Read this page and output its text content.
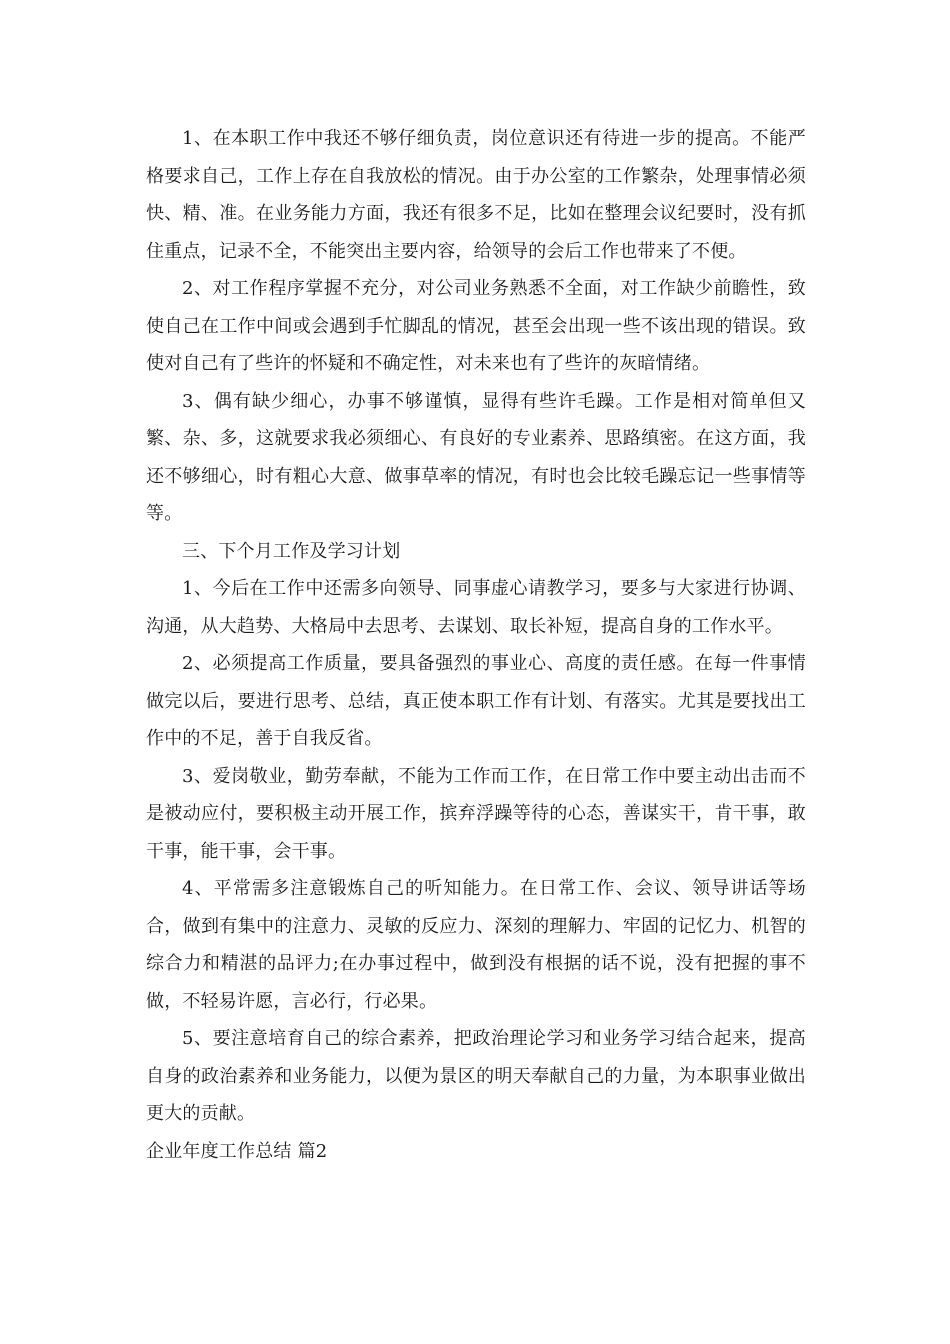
1、在本职工作中我还不够仔细负责，岗位意识还有待进一步的提高。不能严格要求自己，工作上存在自我放松的情况。由于办公室的工作繁杂，处理事情必须快、精、准。在业务能力方面，我还有很多不足，比如在整理会议纪要时，没有抓住重点，记录不全，不能突出主要内容，给领导的会后工作也带来了不便。

2、对工作程序掌握不充分，对公司业务熟悉不全面，对工作缺少前瞻性，致使自己在工作中间或会遇到手忙脚乱的情况，甚至会出现一些不该出现的错误。致使对自己有了些许的怀疑和不确定性，对未来也有了些许的灰暗情绪。

3、偶有缺少细心，办事不够谨慎，显得有些许毛躁。工作是相对简单但又繁、杂、多，这就要求我必须细心、有良好的专业素养、思路缜密。在这方面，我还不够细心，时有粗心大意、做事草率的情况，有时也会比较毛躁忘记一些事情等等。

三、下个月工作及学习计划

1、今后在工作中还需多向领导、同事虚心请教学习，要多与大家进行协调、沟通，从大趋势、大格局中去思考、去谋划、取长补短，提高自身的工作水平。

2、必须提高工作质量，要具备强烈的事业心、高度的责任感。在每一件事情做完以后，要进行思考、总结，真正使本职工作有计划、有落实。尤其是要找出工作中的不足，善于自我反省。

3、爱岗敬业，勤劳奉献，不能为工作而工作，在日常工作中要主动出击而不是被动应付，要积极主动开展工作，摈弃浮躁等待的心态，善谋实干，肯干事，敢干事，能干事，会干事。

4、平常需多注意锻炼自己的听知能力。在日常工作、会议、领导讲话等场合，做到有集中的注意力、灵敏的反应力、深刻的理解力、牢固的记忆力、机智的综合力和精湛的品评力;在办事过程中，做到没有根据的话不说，没有把握的事不做，不轻易许愿，言必行，行必果。

5、要注意培育自己的综合素养，把政治理论学习和业务学习结合起来，提高自身的政治素养和业务能力，以便为景区的明天奉献自己的力量，为本职事业做出更大的贡献。

企业年度工作总结 篇2
